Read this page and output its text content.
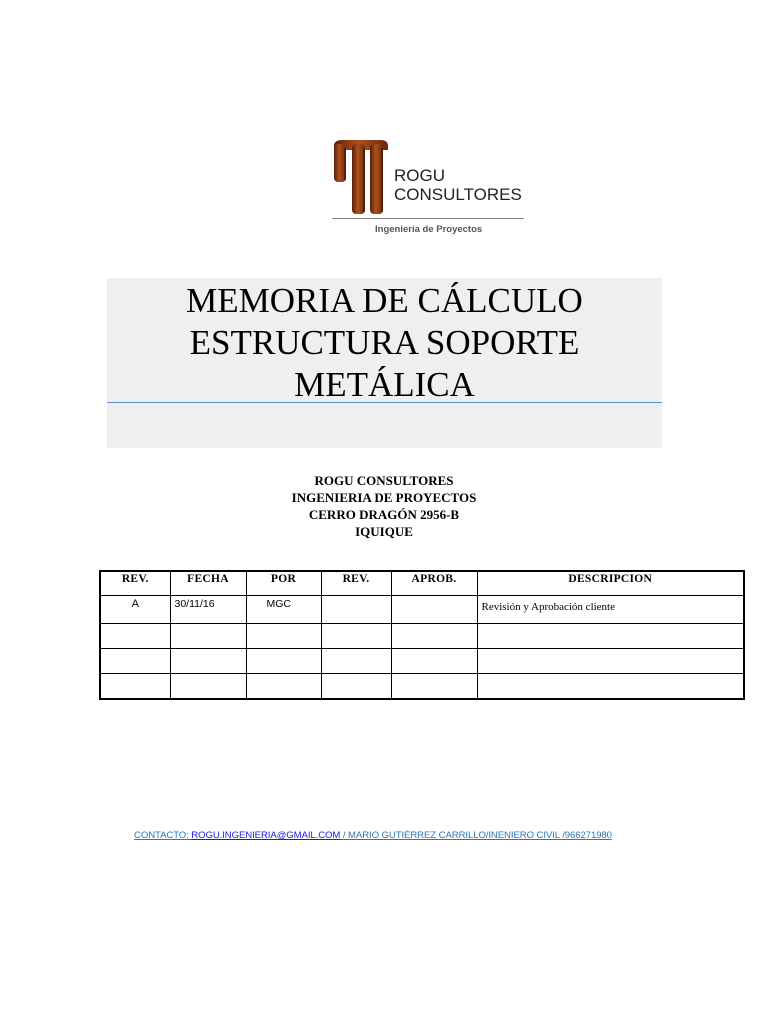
ROGU
CONSULTORES
Ingeniería de Proyectos
MEMORIA DE CÁLCULO
ESTRUCTURA SOPORTE
METÁLICA
ROGU CONSULTORES
INGENIERIA DE PROYECTOS
CERRO DRAGÓN 2956-B
IQUIQUE
REV.	FECHA	POR	REV.	APROB.	DESCRIPCION
A	30/11/16	MGC			Revisión y Aprobación cliente

CONTACTO: ROGU.INGENIERIA@GMAIL.COM / MARIO GUTIÉRREZ CARRILLO/INENIERO CIVIL /966271980
